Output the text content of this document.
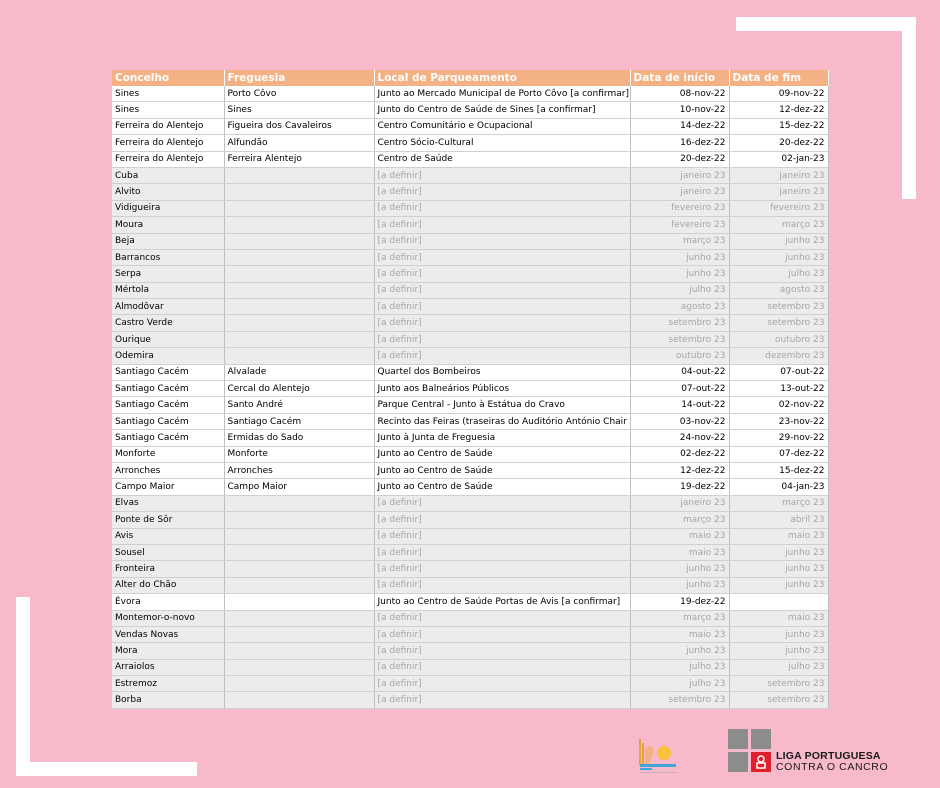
Concelho	Freguesia	Local de Parqueamento	Data de início	Data de fim
Sines	Porto Côvo	Junto ao Mercado Municipal de Porto Côvo [a confirmar]	08-nov-22	09-nov-22
Sines	Sines	Junto do Centro de Saúde de Sines [a confirmar]	10-nov-22	12-dez-22
Ferreira do Alentejo	Figueira dos Cavaleiros	Centro Comunitário e Ocupacional	14-dez-22	15-dez-22
Ferreira do Alentejo	Alfundão	Centro Sócio-Cultural	16-dez-22	20-dez-22
Ferreira do Alentejo	Ferreira Alentejo	Centro de Saúde	20-dez-22	02-jan-23
Cuba		[a definir]	janeiro 23	janeiro 23
Alvito		[a definir]	janeiro 23	janeiro 23
Vidigueira		[a definir]	fevereiro 23	fevereiro 23
Moura		[a definir]	fevereiro 23	março 23
Beja		[a definir]	março 23	junho 23
Barrancos		[a definir]	junho 23	junho 23
Serpa		[a definir]	junho 23	julho 23
Mértola		[a definir]	julho 23	agosto 23
Almodôvar		[a definir]	agosto 23	setembro 23
Castro Verde		[a definir]	setembro 23	setembro 23
Ourique		[a definir]	setembro 23	outubro 23
Odemira		[a definir]	outubro 23	dezembro 23
Santiago Cacém	Alvalade	Quartel dos Bombeiros	04-out-22	07-out-22
Santiago Cacém	Cercal do Alentejo	Junto aos Balneários Públicos	07-out-22	13-out-22
Santiago Cacém	Santo André	Parque Central - Junto à Estátua do Cravo	14-out-22	02-nov-22
Santiago Cacém	Santiago Cacém	Recinto das Feiras (traseiras do Auditório António Chair	03-nov-22	23-nov-22
Santiago Cacém	Ermidas do Sado	Junto à Junta de Freguesia	24-nov-22	29-nov-22
Monforte	Monforte	Junto ao Centro de Saúde	02-dez-22	07-dez-22
Arronches	Arronches	Junto ao Centro de Saúde	12-dez-22	15-dez-22
Campo Maior	Campo Maior	Junto ao Centro de Saúde	19-dez-22	04-jan-23
Elvas		[a definir]	janeiro 23	março 23
Ponte de Sôr		[a definir]	março 23	abril 23
Avis		[a definir]	maio 23	maio 23
Sousel		[a definir]	maio 23	junho 23
Fronteira		[a definir]	junho 23	junho 23
Alter do Chão		[a definir]	junho 23	junho 23
Évora		Junto ao Centro de Saúde Portas de Avis [a confirmar]	19-dez-22	
Montemor-o-novo		[a definir]	março 23	maio 23
Vendas Novas		[a definir]	maio 23	junho 23
Mora		[a definir]	junho 23	junho 23
Arraiolos		[a definir]	julho 23	julho 23
Estremoz		[a definir]	julho 23	setembro 23
Borba		[a definir]	setembro 23	setembro 23
LIGA PORTUGUESA
CONTRA O CANCRO
